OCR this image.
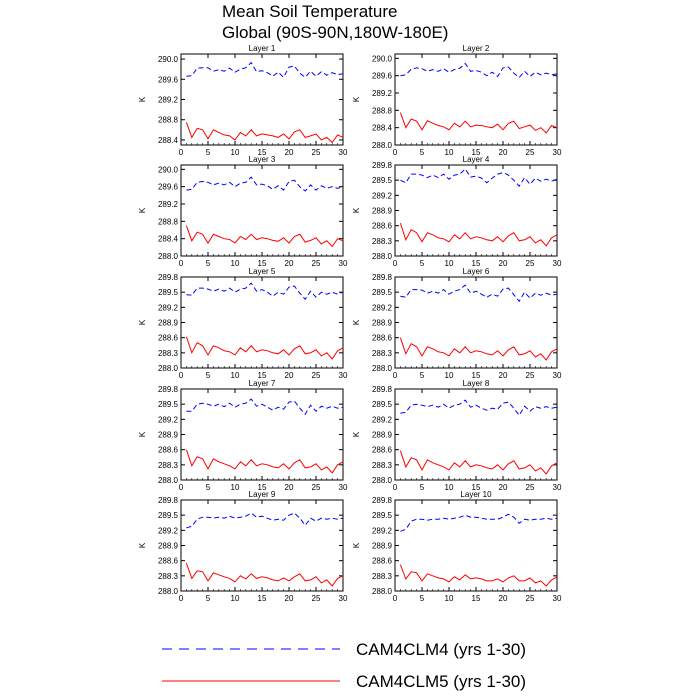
Mean Soil Temperature
Global (90S-90N,180W-180E)
Layer 1
0	5	10 15 20 25 30
288.4
288.8
289.2
289.6
290.0
K
Layer 2
0	5	10 15 20 25 30
288.0
288.4
288.8
289.2
289.6
290.0
K
Layer 3
0	5	10 15 20 25 30
288.0
288.4
288.8
289.2
289.6
290.0
K
Layer 4
0	5	10 15 20 25 30
288.0
288.3
288.6
288.9
289.2
289.5
289.8
K
Layer 5
0	5	10 15 20 25 30
288.0
288.3
288.6
288.9
289.2
289.5
289.8
K
Layer 6
0	5	10 15 20 25 30
288.0
288.3
288.6
288.9
289.2
289.5
289.8
K
Layer 7
0	5	10 15 20 25 30
288.0
288.3
288.6
288.9
289.2
289.5
289.8
K
Layer 8
0	5	10 15 20 25 30
288.0
288.3
288.6
288.9
289.2
289.5
289.8
K
Layer 9
0	5	10 15 20 25 30
288.0
288.3
288.6
288.9
289.2
289.5
289.8
K
Layer 10
0	5	10 15 20 25 30
288.0
288.3
288.6
288.9
289.2
289.5
289.8
K
CAM4CLM4 (yrs 1-30)
CAM4CLM5 (yrs 1-30)
